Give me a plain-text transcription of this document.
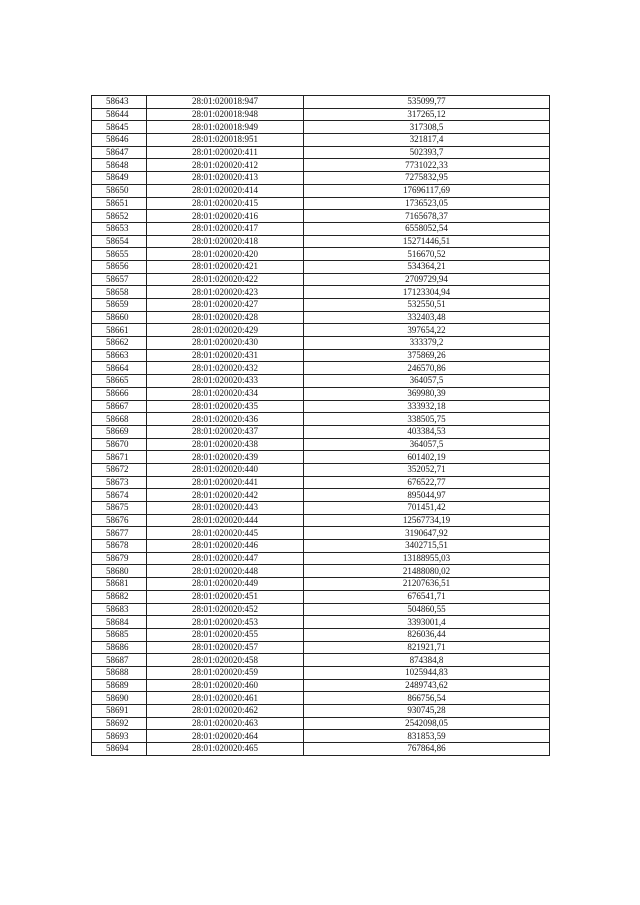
58643	28:01:020018:947	535099,77
58644	28:01:020018:948	317265,12
58645	28:01:020018:949	317308,5
58646	28:01:020018:951	321817,4
58647	28:01:020020:411	502393,7
58648	28:01:020020:412	7731022,33
58649	28:01:020020:413	7275832,95
58650	28:01:020020:414	17696117,69
58651	28:01:020020:415	1736523,05
58652	28:01:020020:416	7165678,37
58653	28:01:020020:417	6558052,54
58654	28:01:020020:418	15271446,51
58655	28:01:020020:420	516670,52
58656	28:01:020020:421	534364,21
58657	28:01:020020:422	2709729,94
58658	28:01:020020:423	17123304,94
58659	28:01:020020:427	532550,51
58660	28:01:020020:428	332403,48
58661	28:01:020020:429	397654,22
58662	28:01:020020:430	333379,2
58663	28:01:020020:431	375869,26
58664	28:01:020020:432	246570,86
58665	28:01:020020:433	364057,5
58666	28:01:020020:434	369980,39
58667	28:01:020020:435	333932,18
58668	28:01:020020:436	338505,75
58669	28:01:020020:437	403384,53
58670	28:01:020020:438	364057,5
58671	28:01:020020:439	601402,19
58672	28:01:020020:440	352052,71
58673	28:01:020020:441	676522,77
58674	28:01:020020:442	895044,97
58675	28:01:020020:443	701451,42
58676	28:01:020020:444	12567734,19
58677	28:01:020020:445	3190647,92
58678	28:01:020020:446	3402715,51
58679	28:01:020020:447	13188955,03
58680	28:01:020020:448	21488080,02
58681	28:01:020020:449	21207636,51
58682	28:01:020020:451	676541,71
58683	28:01:020020:452	504860,55
58684	28:01:020020:453	3393001,4
58685	28:01:020020:455	826036,44
58686	28:01:020020:457	821921,71
58687	28:01:020020:458	874384,8
58688	28:01:020020:459	1025944,83
58689	28:01:020020:460	2489743,62
58690	28:01:020020:461	866756,54
58691	28:01:020020:462	930745,28
58692	28:01:020020:463	2542098,05
58693	28:01:020020:464	831853,59
58694	28:01:020020:465	767864,86
